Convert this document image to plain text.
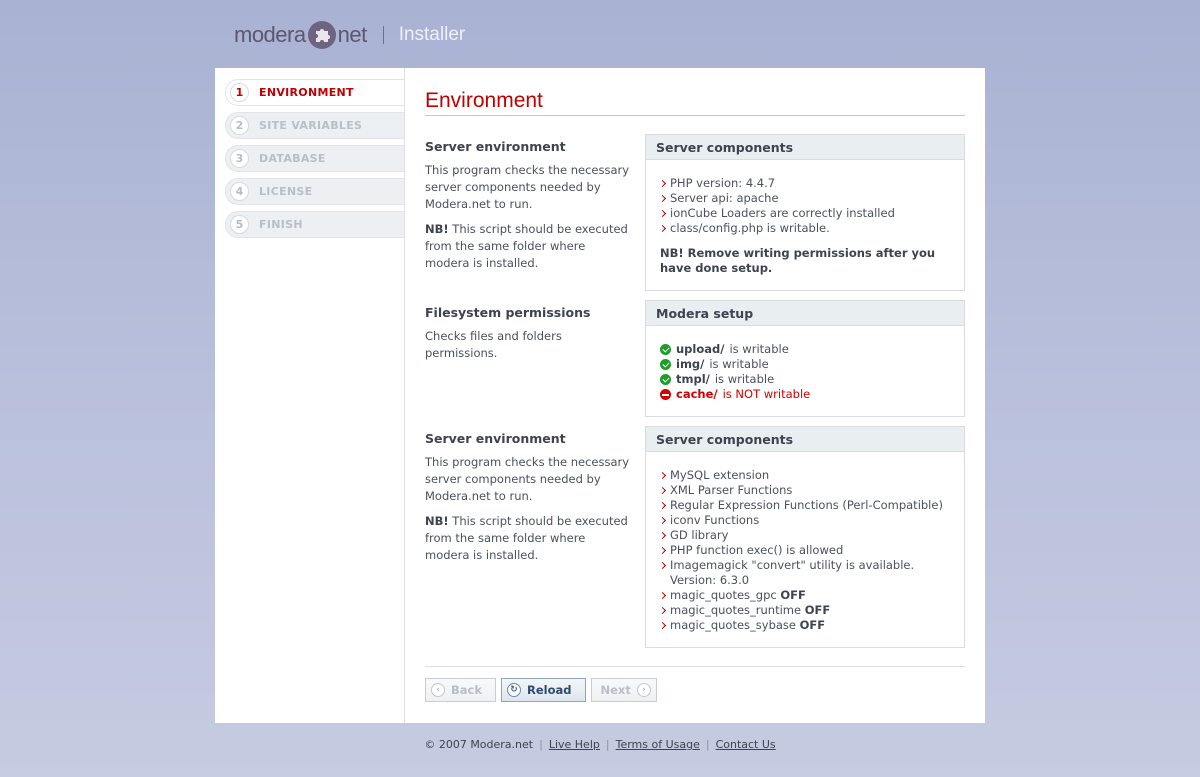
modera net Installer
1	ENVIRONMENT
2	SITE VARIABLES
3	DATABASE
4	LICENSE
5	FINISH
Environment
Server environment
This program checks the necessary server components needed by Modera.net to run.
NB! This script should be executed from the same folder where modera is installed.
Server components
PHP version: 4.4.7
Server api: apache
ionCube Loaders are correctly installed
class/config.php is writable.
NB! Remove writing permissions after you have done setup.
Filesystem permissions
Checks files and folders permissions.
Modera setup
upload/ is writable
img/ is writable
tmpl/ is writable
cache/ is NOT writable
Server environment
This program checks the necessary server components needed by Modera.net to run.
NB! This script should be executed from the same folder where modera is installed.
Server components
MySQL extension
XML Parser Functions
Regular Expression Functions (Perl-Compatible)
iconv Functions
GD library
PHP function exec() is allowed
Imagemagick "convert" utility is available. Version: 6.3.0
magic_quotes_gpc OFF
magic_quotes_runtime OFF
magic_quotes_sybase OFF
‹ Back	↻ Reload	Next	›
© 2007 Modera.net | Live Help | Terms of Usage | Contact Us
